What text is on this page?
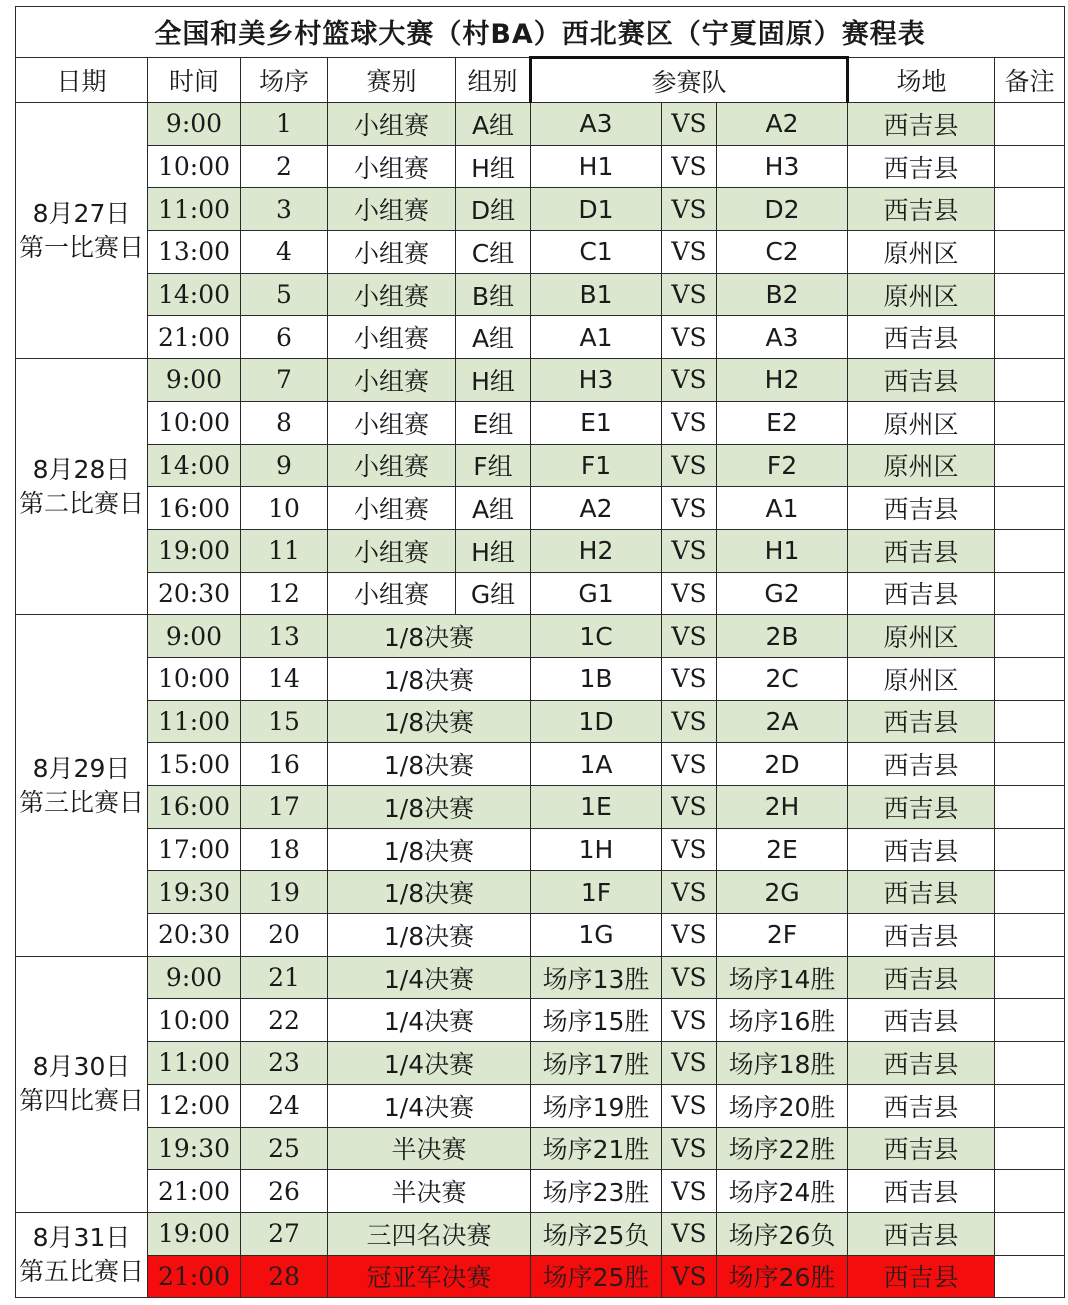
全国和美乡村篮球大赛（村BA）西北赛区（宁夏固原）赛程表									
日期	时间	场序	赛别	组别	参赛队			场地	备注

8月27日
第一比赛日	9:00	1	小组赛	A组	A3	VS	A2	西吉县	
	10:00	2	小组赛	H组	H1	VS	H3	西吉县	
	11:00	3	小组赛	D组	D1	VS	D2	西吉县	
	13:00	4	小组赛	C组	C1	VS	C2	原州区	
	14:00	5	小组赛	B组	B1	VS	B2	原州区	
	21:00	6	小组赛	A组	A1	VS	A3	西吉县	

8月28日
第二比赛日	9:00	7	小组赛	H组	H3	VS	H2	西吉县	
	10:00	8	小组赛	E组	E1	VS	E2	原州区	
	14:00	9	小组赛	F组	F1	VS	F2	原州区	
	16:00	10	小组赛	A组	A2	VS	A1	西吉县	
	19:00	11	小组赛	H组	H2	VS	H1	西吉县	
	20:30	12	小组赛	G组	G1	VS	G2	西吉县	

8月29日
第三比赛日	9:00	13	1/8决赛		1C	VS	2B	原州区	
	10:00	14	1/8决赛		1B	VS	2C	原州区	
	11:00	15	1/8决赛		1D	VS	2A	西吉县	
	15:00	16	1/8决赛		1A	VS	2D	西吉县	
	16:00	17	1/8决赛		1E	VS	2H	西吉县	
	17:00	18	1/8决赛		1H	VS	2E	西吉县	
	19:30	19	1/8决赛		1F	VS	2G	西吉县	
	20:30	20	1/8决赛		1G	VS	2F	西吉县	

8月30日
第四比赛日	9:00	21	1/4决赛		场序13胜	VS	场序14胜	西吉县	
	10:00	22	1/4决赛		场序15胜	VS	场序16胜	西吉县	
	11:00	23	1/4决赛		场序17胜	VS	场序18胜	西吉县	
	12:00	24	1/4决赛		场序19胜	VS	场序20胜	西吉县	
	19:30	25	半决赛		场序21胜	VS	场序22胜	西吉县	
	21:00	26	半决赛		场序23胜	VS	场序24胜	西吉县	

8月31日
第五比赛日	19:00	27	三四名决赛		场序25负	VS	场序26负	西吉县	
	21:00	28	冠亚军决赛		场序25胜	VS	场序26胜	西吉县	
